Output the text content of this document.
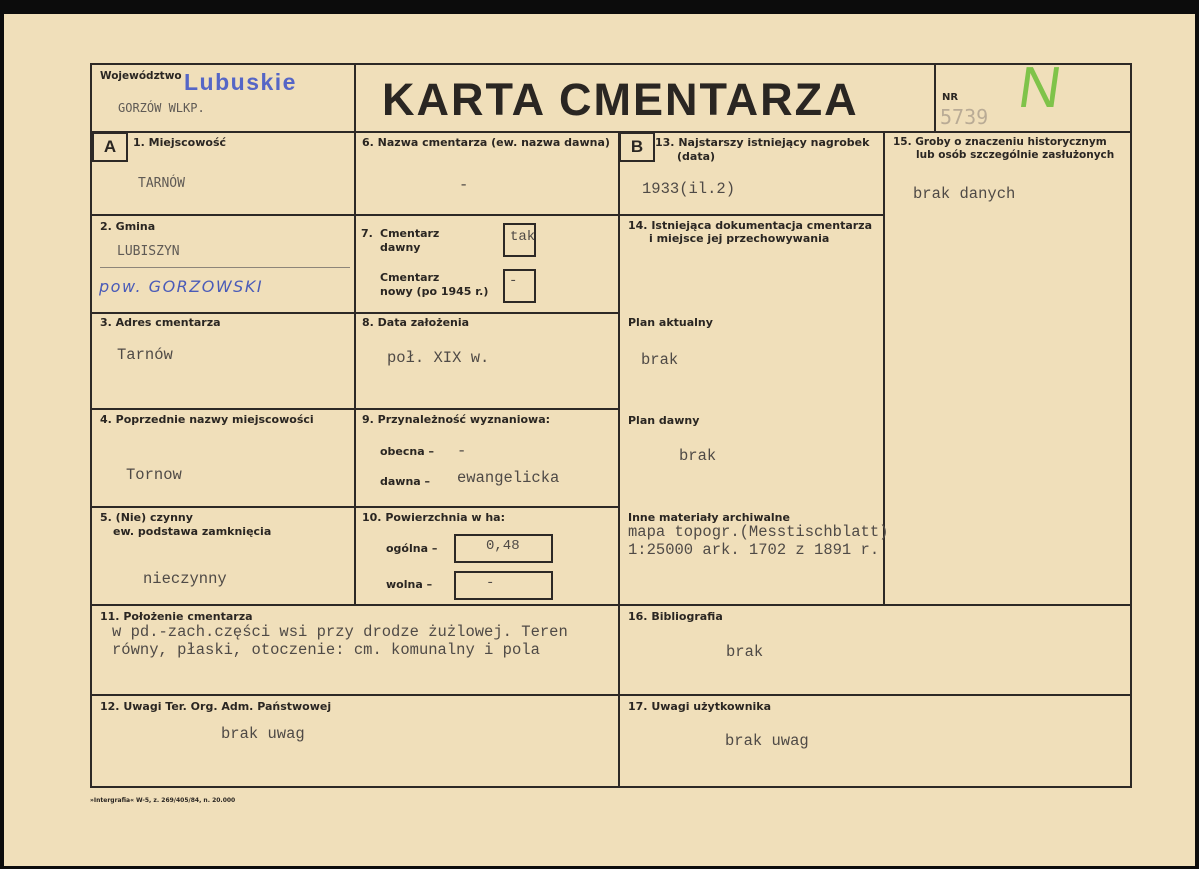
Województwo Lubuskie
GORZÓW WLKP.	KARTA CMENTARZA	NR
5739 N
A	B
1. Miejscowość
TARNÓW
2. Gmina
LUBISZYN
pow. GORZOWSKI
3. Adres cmentarza
Tarnów
4. Poprzednie nazwy miejscowości
Tornow
5. (Nie) czynny
ew. podstawa zamknięcia
nieczynny
6. Nazwa cmentarza (ew. nazwa dawna)
-
7. Cmentarz
dawny
tak
Cmentarz
nowy (po 1945 r.)
-
8. Data założenia
poł. XIX w.
9. Przynależność wyznaniowa:
obecna – -
dawna – ewangelicka
10. Powierzchnia w ha:
ogólna –	0,48
wolna –	-
11. Położenie cmentarza
w pd.-zach.części wsi przy drodze żużlowej. Teren
równy, płaski, otoczenie: cm. komunalny i pola
12. Uwagi Ter. Org. Adm. Państwowej
brak uwag
13. Najstarszy istniejący nagrobek
(data)
1933(il.2)
14. Istniejąca dokumentacja cmentarza
i miejsce jej przechowywania
Plan aktualny
brak
Plan dawny
brak
Inne materiały archiwalne
mapa topogr.(Messtischblatt)
1:25000 ark. 1702 z 1891 r.
15. Groby o znaczeniu historycznym
lub osób szczególnie zasłużonych
brak danych
16. Bibliografia
brak
17. Uwagi użytkownika
brak uwag
»Intergrafia« W-5, z. 269/405/84, n. 20.000
